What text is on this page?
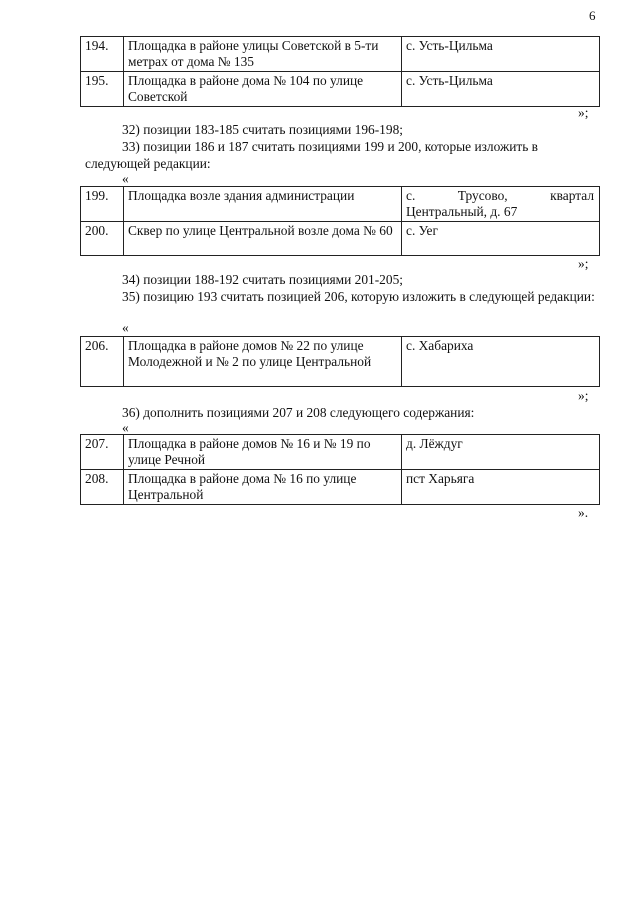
6
194.	Площадка в районе улицы Советской в 5-ти метрах от дома № 135	с. Усть-Цильма
195.	Площадка в районе дома № 104 по улице Советской	с. Усть-Цильма
»;

32) позиции 183-185 считать позициями 196-198;

33) позиции 186 и 187 считать позициями 199 и 200, которые изложить в следующей редакции:

«
199.	Площадка возле здания администрации	с. Трусово, квартал Центральный, д. 67
200.	Сквер по улице Центральной возле дома № 60	с. Уег
»;

34) позиции 188-192 считать позициями 201-205;

35) позицию 193 считать позицией 206, которую изложить в следующей редакции:

«
206.	Площадка в районе домов № 22 по улице Молодежной и № 2 по улице Центральной	с. Хабариха
»;

36) дополнить позициями 207 и 208 следующего содержания:

«
207.	Площадка в районе домов № 16 и № 19 по улице Речной	д. Лёждуг
208.	Площадка в районе дома № 16 по улице Центральной	пст Харьяга
».
